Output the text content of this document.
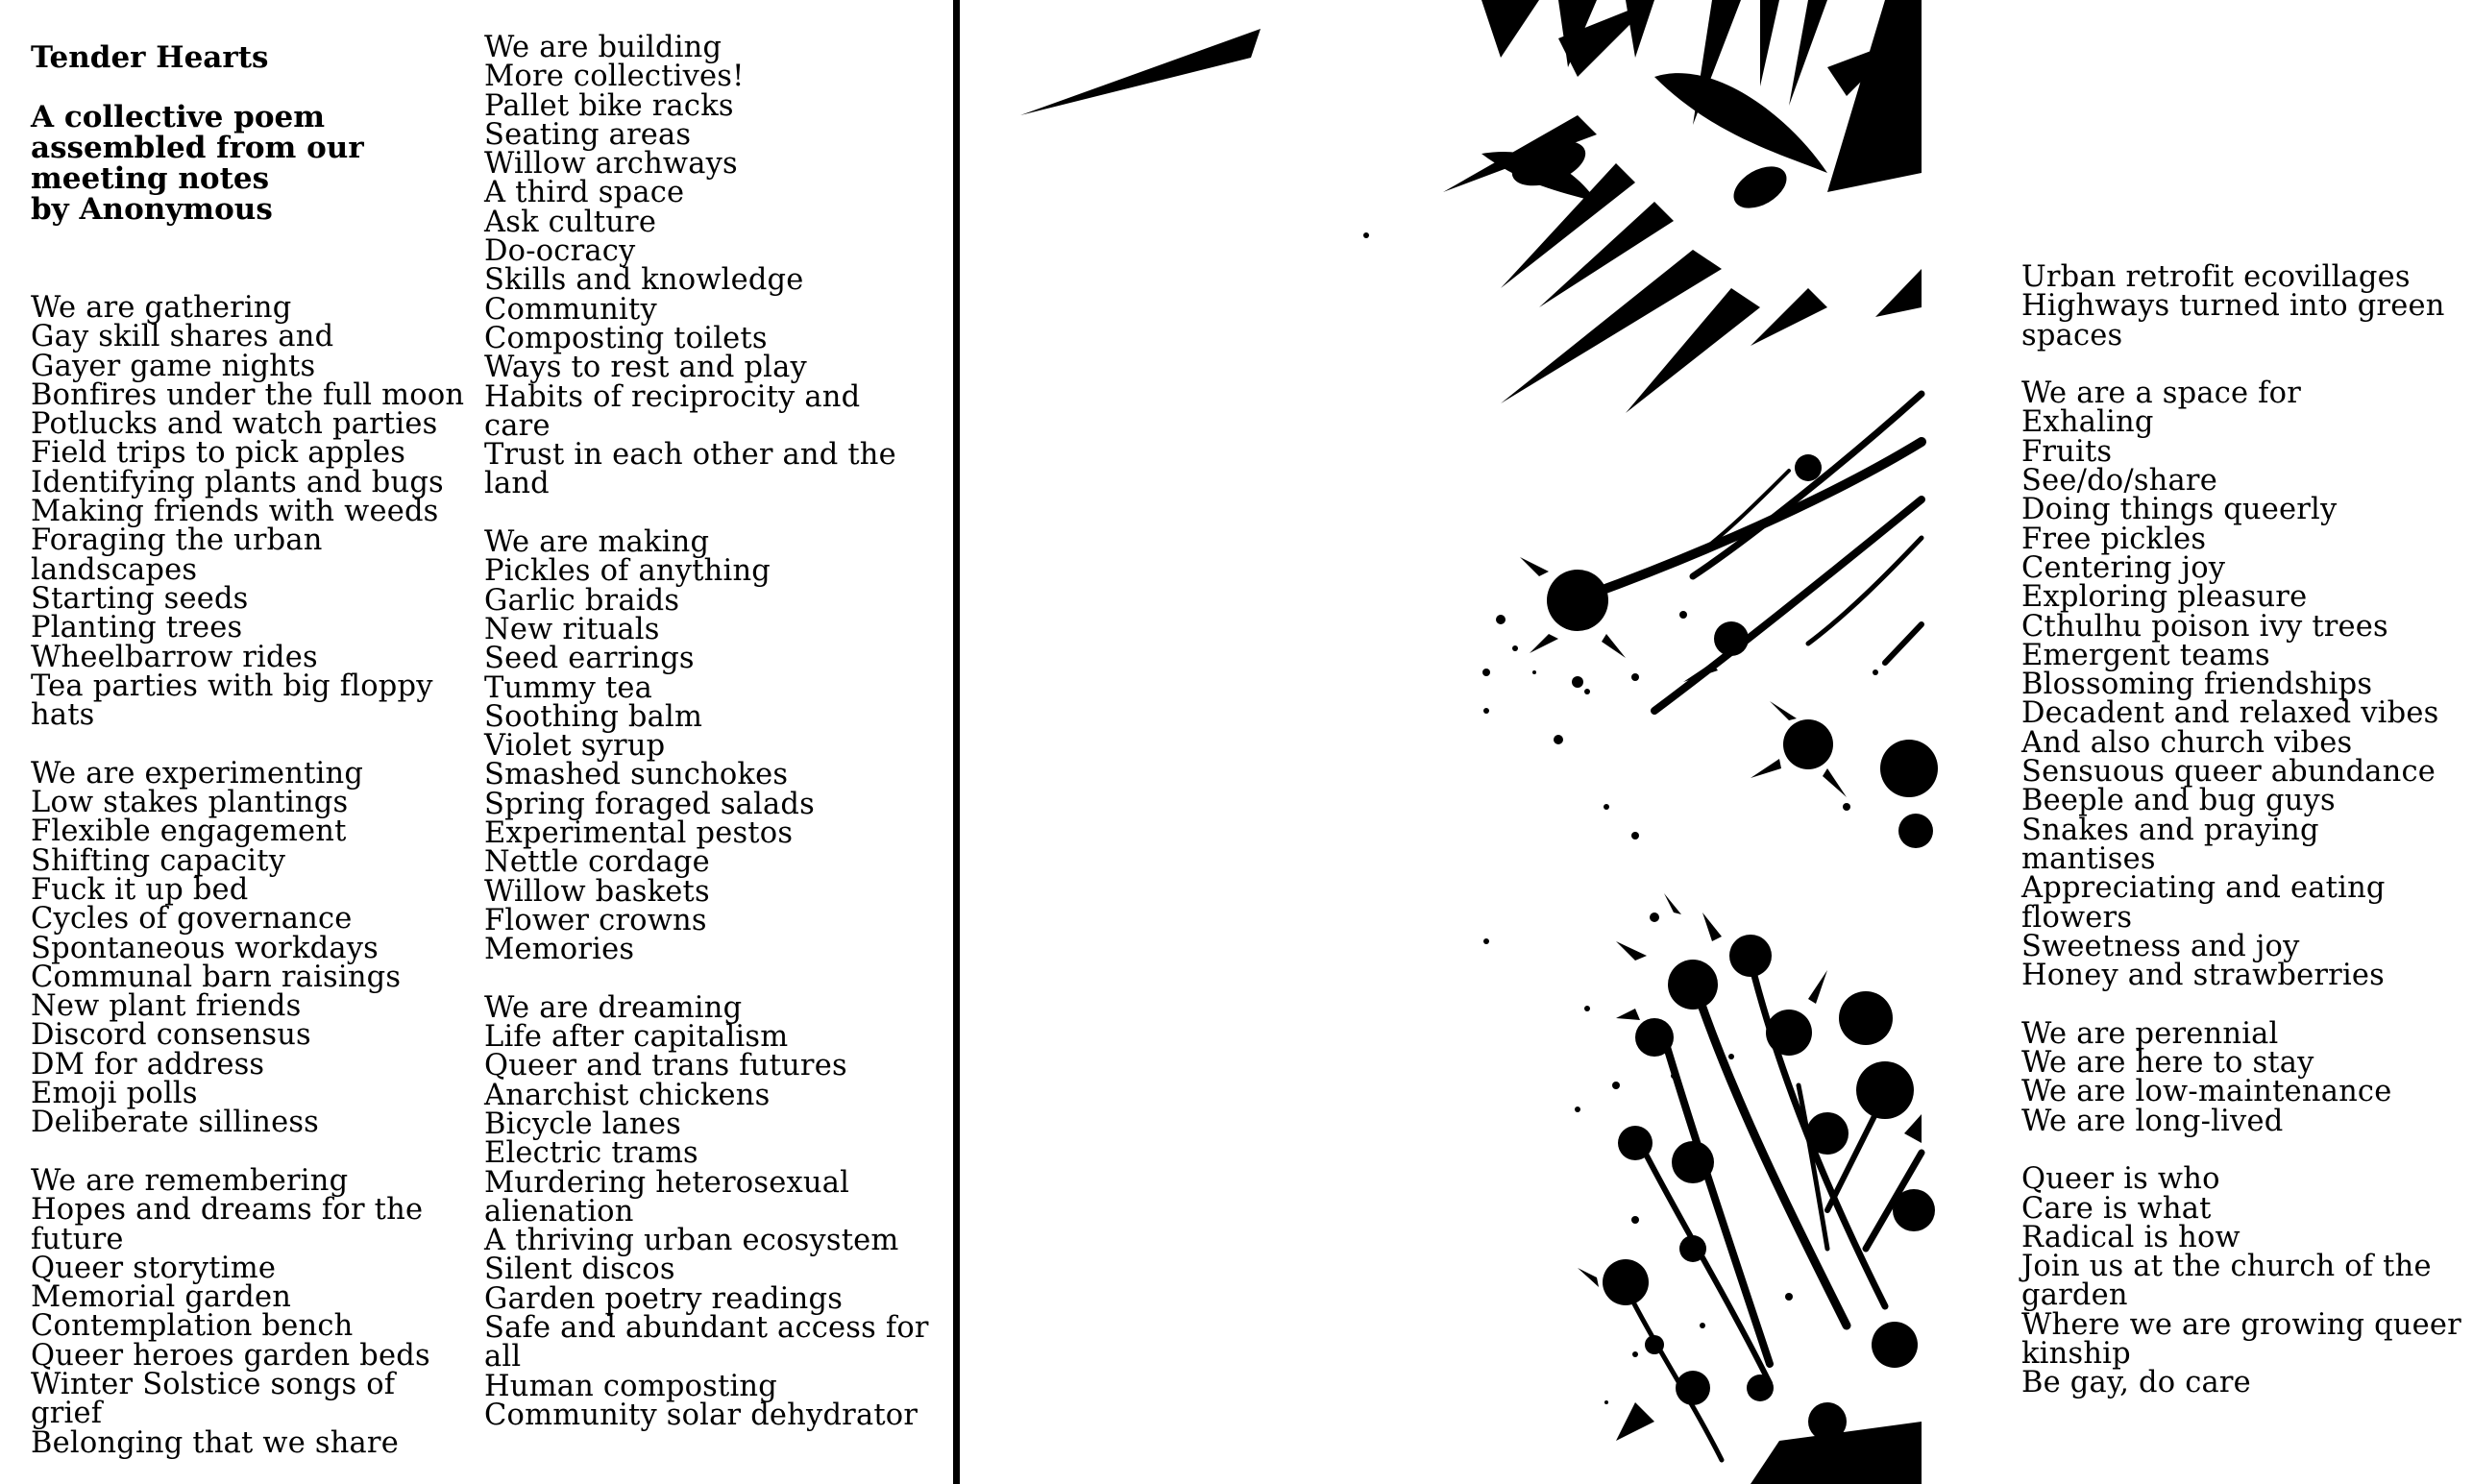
Tender Hearts
A collective poem
assembled from our
meeting notes
by Anonymous
We are gathering
Gay skill shares and
Gayer game nights
Bonfires under the full moon
Potlucks and watch parties
Field trips to pick apples
Identifying plants and bugs
Making friends with weeds
Foraging the urban
landscapes
Starting seeds
Planting trees
Wheelbarrow rides
Tea parties with big floppy
hats
We are experimenting
Low stakes plantings
Flexible engagement
Shifting capacity
Fuck it up bed
Cycles of governance
Spontaneous workdays
Communal barn raisings
New plant friends
Discord consensus
DM for address
Emoji polls
Deliberate silliness
We are remembering
Hopes and dreams for the
future
Queer storytime
Memorial garden
Contemplation bench
Queer heroes garden beds
Winter Solstice songs of
grief
Belonging that we share
We are building
More collectives!
Pallet bike racks
Seating areas
Willow archways
A third space
Ask culture
Do-ocracy
Skills and knowledge
Community
Composting toilets
Ways to rest and play
Habits of reciprocity and
care
Trust in each other and the
land
We are making
Pickles of anything
Garlic braids
New rituals
Seed earrings
Tummy tea
Soothing balm
Violet syrup
Smashed sunchokes
Spring foraged salads
Experimental pestos
Nettle cordage
Willow baskets
Flower crowns
Memories
We are dreaming
Life after capitalism
Queer and trans futures
Anarchist chickens
Bicycle lanes
Electric trams
Murdering heterosexual
alienation
A thriving urban ecosystem
Silent discos
Garden poetry readings
Safe and abundant access for
all
Human composting
Community solar dehydrator
Urban retrofit ecovillages
Highways turned into green
spaces
We are a space for
Exhaling
Fruits
See/do/share
Doing things queerly
Free pickles
Centering joy
Exploring pleasure
Cthulhu poison ivy trees
Emergent teams
Blossoming friendships
Decadent and relaxed vibes
And also church vibes
Sensuous queer abundance
Beeple and bug guys
Snakes and praying
mantises
Appreciating and eating
flowers
Sweetness and joy
Honey and strawberries
We are perennial
We are here to stay
We are low-maintenance
We are long-lived
Queer is who
Care is what
Radical is how
Join us at the church of the
garden
Where we are growing queer
kinship
Be gay, do care
